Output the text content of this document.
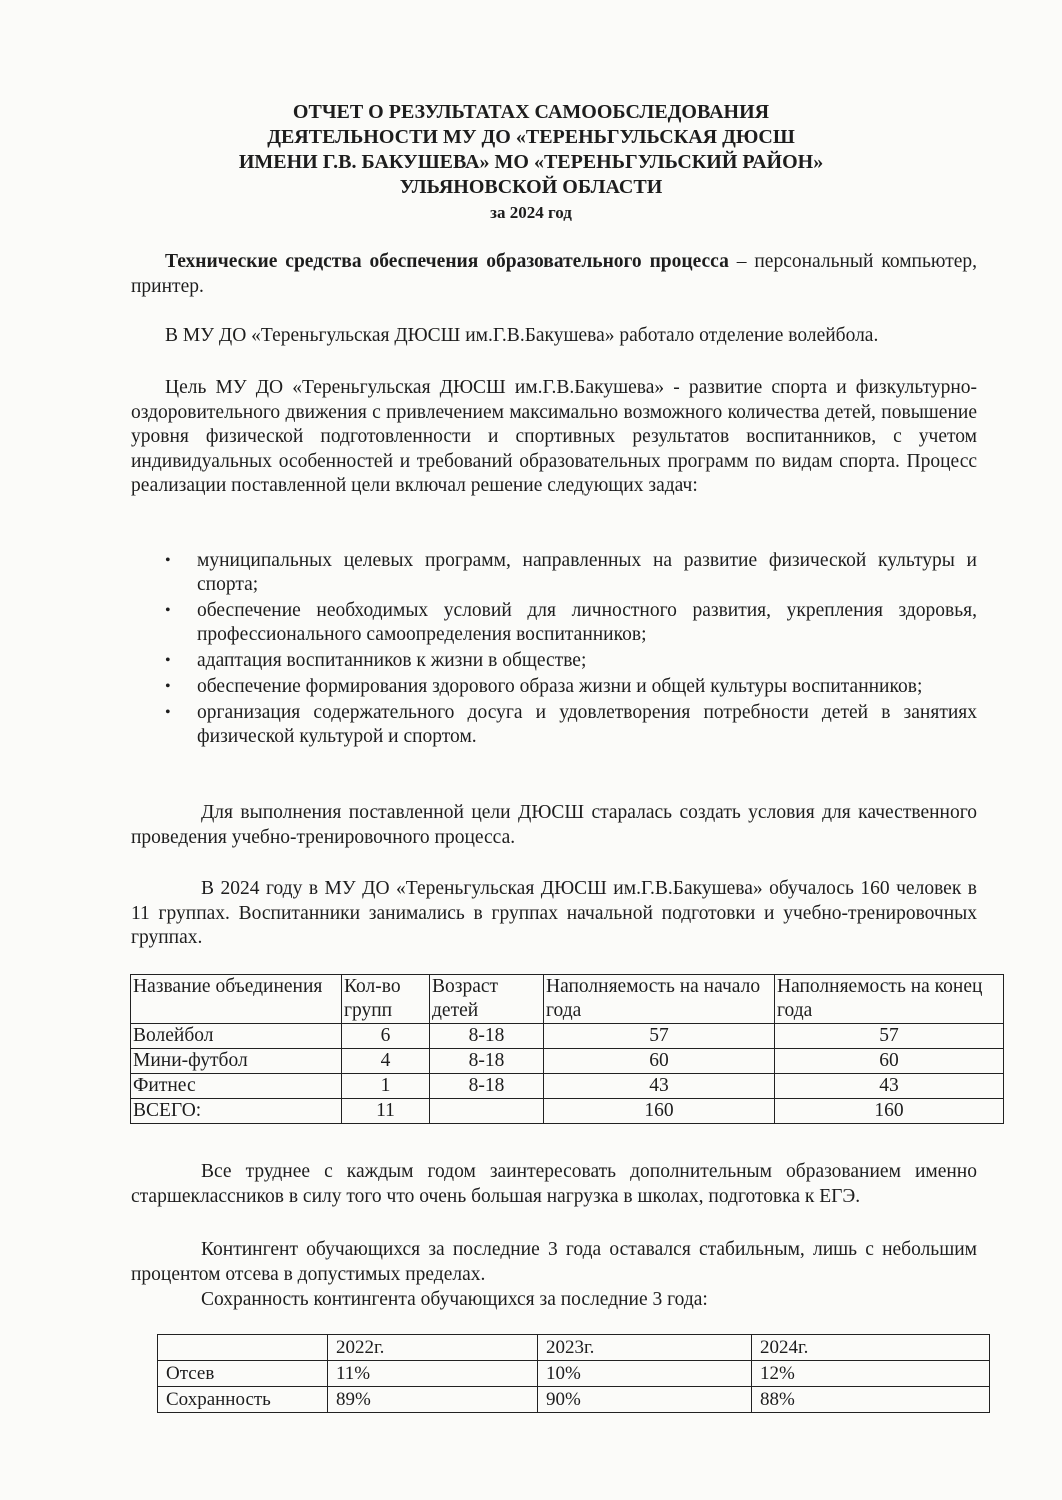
ОТЧЕТ О РЕЗУЛЬТАТАХ САМООБСЛЕДОВАНИЯ
ДЕЯТЕЛЬНОСТИ МУ ДО «ТЕРЕНЬГУЛЬСКАЯ ДЮСШ
ИМЕНИ Г.В. БАКУШЕВА» МО «ТЕРЕНЬГУЛЬСКИЙ РАЙОН»
УЛЬЯНОВСКОЙ ОБЛАСТИ
за 2024 год
Технические средства обеспечения образовательного процесса – персональный компьютер, принтер.
В МУ ДО «Тереньгульская ДЮСШ им.Г.В.Бакушева» работало отделение волейбола.
Цель МУ ДО «Тереньгульская ДЮСШ им.Г.В.Бакушева» - развитие спорта и физкультурно-оздоровительного движения с привлечением максимально возможного количества детей, повышение уровня физической подготовленности и спортивных результатов воспитанников, с учетом индивидуальных особенностей и требований образовательных программ по видам спорта. Процесс реализации поставленной цели включал решение следующих задач:
• муниципальных целевых программ, направленных на развитие физической культуры и спорта;
• обеспечение необходимых условий для личностного развития, укрепления здоровья, профессионального самоопределения воспитанников;
• адаптация воспитанников к жизни в обществе;
• обеспечение формирования здорового образа жизни и общей культуры воспитанников;
• организация содержательного досуга и удовлетворения потребности детей в занятиях физической культурой и спортом.
Для выполнения поставленной цели ДЮСШ старалась создать условия для качественного проведения учебно-тренировочного процесса.
В 2024 году в МУ ДО «Тереньгульская ДЮСШ им.Г.В.Бакушева» обучалось 160 человек в 11 группах. Воспитанники занимались в группах начальной подготовки и учебно-тренировочных группах.
Название объединения	Кол-во групп	Возраст детей	Наполняемость на начало года	Наполняемость на конец года
Волейбол	6	8-18	57	57
Мини-футбол	4	8-18	60	60
Фитнес	1	8-18	43	43
ВСЕГО:	11		160	160
Все труднее с каждым годом заинтересовать дополнительным образованием именно старшеклассников в силу того что очень большая нагрузка в школах, подготовка к ЕГЭ.
Контингент обучающихся за последние 3 года оставался стабильным, лишь с небольшим процентом отсева в допустимых пределах.
Сохранность контингента обучающихся за последние 3 года:
	2022г.	2023г.	2024г.
Отсев	11%	10%	12%
Сохранность	89%	90%	88%
